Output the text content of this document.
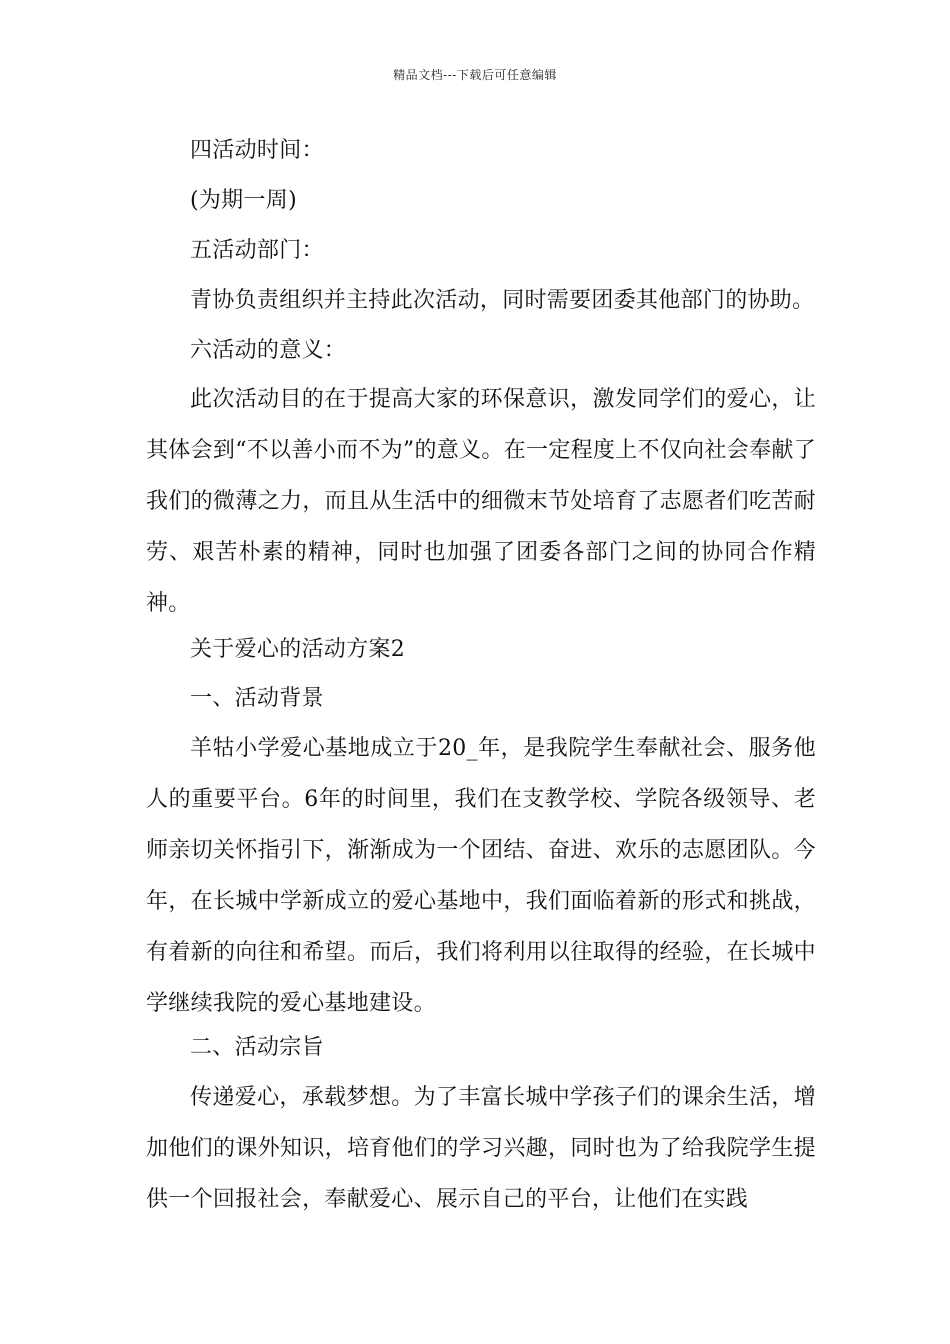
精品文档---下载后可任意编辑

四活动时间：

(为期一周)

五活动部门：

青协负责组织并主持此次活动，同时需要团委其他部门的协助。

六活动的意义：

此次活动目的在于提高大家的环保意识，激发同学们的爱心，让其体会到“不以善小而不为”的意义。在一定程度上不仅向社会奉献了我们的微薄之力，而且从生活中的细微末节处培育了志愿者们吃苦耐劳、艰苦朴素的精神，同时也加强了团委各部门之间的协同合作精神。

关于爱心的活动方案2

一、活动背景

羊牯小学爱心基地成立于20_年，是我院学生奉献社会、服务他人的重要平台。6年的时间里，我们在支教学校、学院各级领导、老师亲切关怀指引下，渐渐成为一个团结、奋进、欢乐的志愿团队。今年，在长城中学新成立的爱心基地中，我们面临着新的形式和挑战，有着新的向往和希望。而后，我们将利用以往取得的经验，在长城中学继续我院的爱心基地建设。

二、活动宗旨

传递爱心，承载梦想。为了丰富长城中学孩子们的课余生活，增加他们的课外知识，培育他们的学习兴趣，同时也为了给我院学生提供一个回报社会，奉献爱心、展示自己的平台，让他们在实践
